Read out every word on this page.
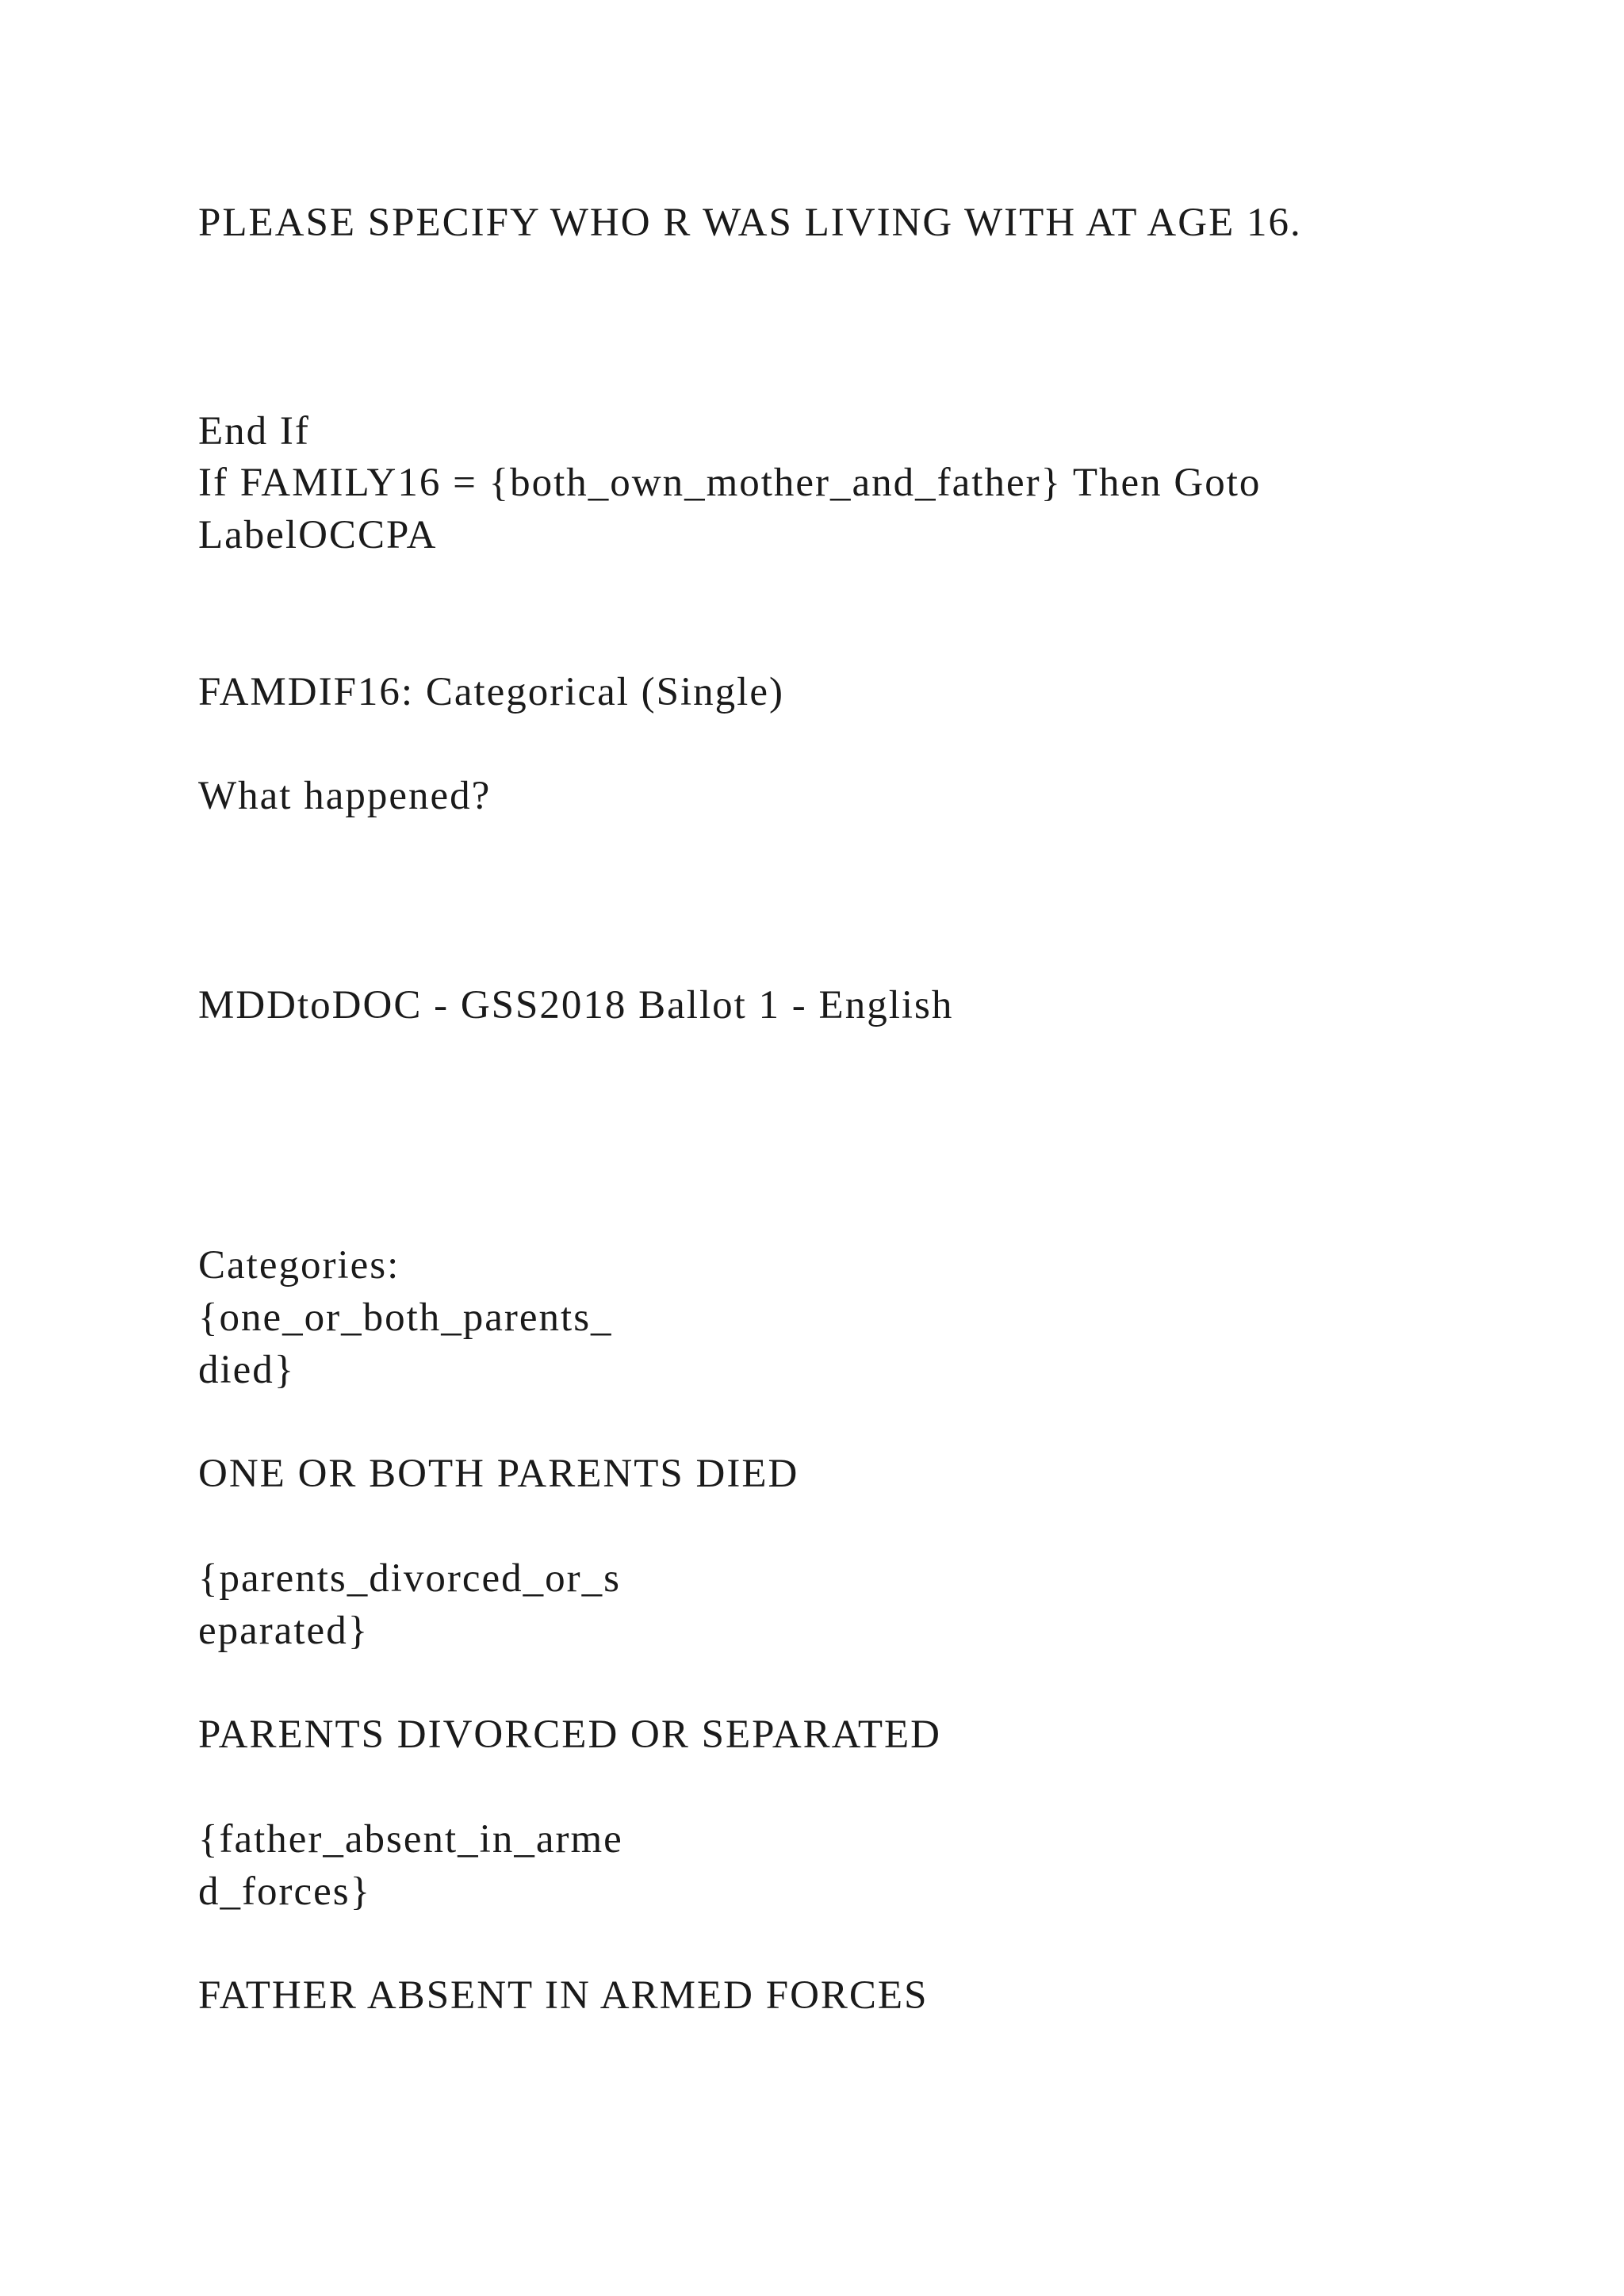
PLEASE SPECIFY WHO R WAS LIVING WITH AT AGE 16.

End If

If FAMILY16 = {both_own_mother_and_father} Then Goto

LabelOCCPA

FAMDIF16: Categorical (Single)

What happened?

MDDtoDOC - GSS2018 Ballot 1 - English

Categories:

{one_or_both_parents_

died}

ONE OR BOTH PARENTS DIED

{parents_divorced_or_s

eparated}

PARENTS DIVORCED OR SEPARATED

{father_absent_in_arme

d_forces}

FATHER ABSENT IN ARMED FORCES
